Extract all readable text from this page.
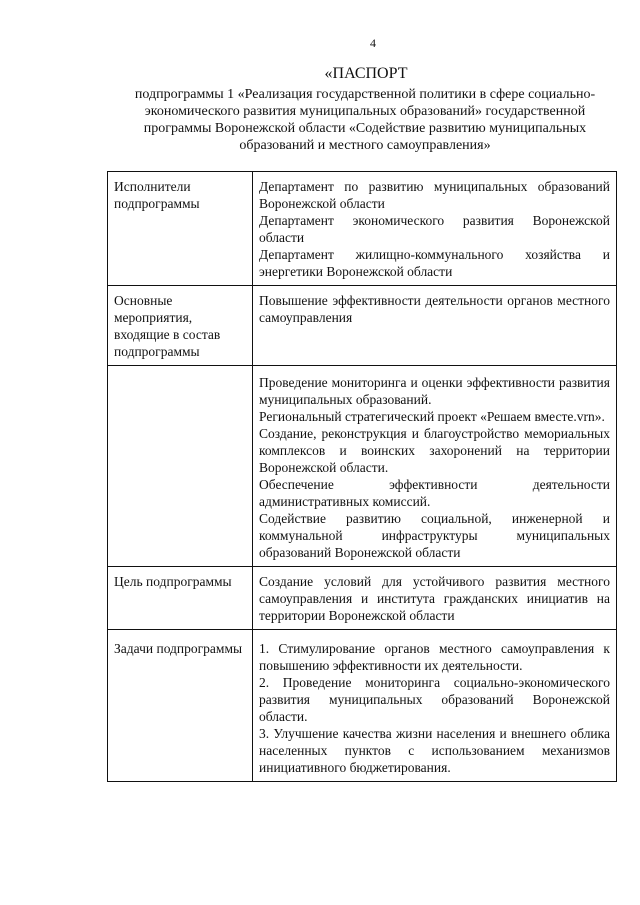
4
«ПАСПОРТ
подпрограммы 1 «Реализация государственной политики в сфере социально-
экономического развития муниципальных образований» государственной
программы Воронежской области «Содействие развитию муниципальных
образований и местного самоуправления»
Исполнители подпрограммы	Департамент по развитию муниципальных образований Воронежской области

Департамент экономического развития Воронежской области

Департамент жилищно-коммунального хозяйства и энергетики Воронежской области

Основные мероприятия, входящие в состав подпрограммы	Повышение эффективности деятельности органов местного самоуправления

	Проведение мониторинга и оценки эффективности развития муниципальных образований.

Региональный стратегический проект «Решаем вместе.vrn».

Создание, реконструкция и благоустройство мемориальных комплексов и воинских захоронений на территории Воронежской области.

Обеспечение эффективности деятельности административных комиссий.

Содействие развитию социальной, инженерной и коммунальной инфраструктуры муниципальных образований Воронежской области

Цель подпрограммы	Создание условий для устойчивого развития местного самоуправления и института гражданских инициатив на территории Воронежской области

Задачи подпрограммы	1. Стимулирование органов местного самоуправления к повышению эффективности их деятельности.

2. Проведение мониторинга социально-экономического развития муниципальных образований Воронежской области.

3. Улучшение качества жизни населения и внешнего облика населенных пунктов с использованием механизмов инициативного бюджетирования.
